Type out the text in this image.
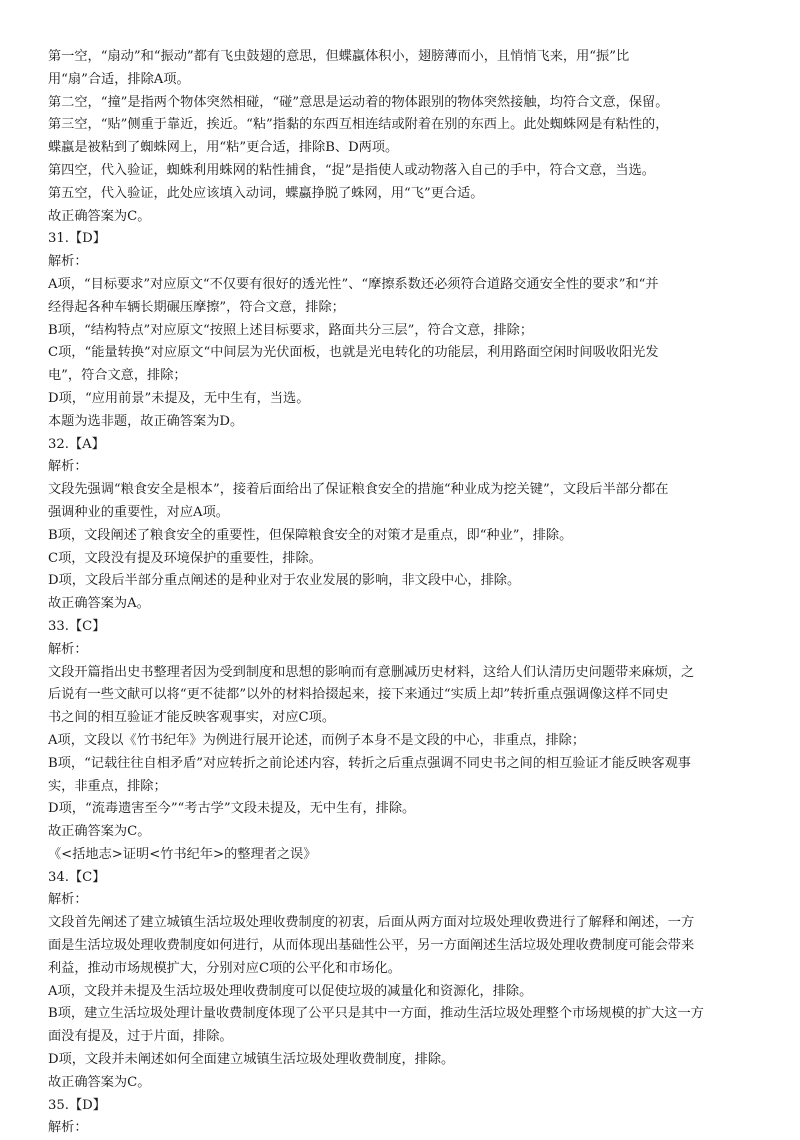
第一空，“扇动”和“振动”都有飞虫鼓翅的意思，但蝶蠃体积小，翅膀薄而小，且悄悄飞来，用“振”比

用“扇”合适，排除A项。

第二空，“撞”是指两个物体突然相碰，“碰”意思是运动着的物体跟别的物体突然接触，均符合文意，保留。

第三空，“贴”侧重于靠近，挨近。“粘”指黏的东西互相连结或附着在别的东西上。此处蜘蛛网是有粘性的，

蝶蠃是被粘到了蜘蛛网上，用“粘”更合适，排除B、D两项。

第四空，代入验证，蜘蛛利用蛛网的粘性捕食，“捉”是指使人或动物落入自己的手中，符合文意，当选。

第五空，代入验证，此处应该填入动词，蝶蠃挣脱了蛛网，用“飞”更合适。

故正确答案为C。

31.【D】

解析：

A项，“目标要求”对应原文“不仅要有很好的透光性”、“摩擦系数还必须符合道路交通安全性的要求”和“并

经得起各种车辆长期碾压摩擦”，符合文意，排除；

B项，“结构特点”对应原文“按照上述目标要求，路面共分三层”，符合文意，排除；

C项，“能量转换”对应原文“中间层为光伏面板，也就是光电转化的功能层，利用路面空闲时间吸收阳光发

电”，符合文意，排除；

D项，“应用前景”未提及，无中生有，当选。

本题为选非题，故正确答案为D。

32.【A】

解析：

文段先强调“粮食安全是根本”，接着后面给出了保证粮食安全的措施“种业成为挖关键”，文段后半部分都在

强调种业的重要性，对应A项。

B项，文段阐述了粮食安全的重要性，但保障粮食安全的对策才是重点，即“种业”，排除。

C项，文段没有提及环境保护的重要性，排除。

D项，文段后半部分重点阐述的是种业对于农业发展的影响，非文段中心，排除。

故正确答案为A。

33.【C】

解析：

文段开篇指出史书整理者因为受到制度和思想的影响而有意删减历史材料，这给人们认清历史问题带来麻烦，之

后说有一些文献可以将“更不徒都”以外的材料拾掇起来，接下来通过“实质上却”转折重点强调像这样不同史

书之间的相互验证才能反映客观事实，对应C项。

A项，文段以《竹书纪年》为例进行展开论述，而例子本身不是文段的中心，非重点，排除；

B项，“记载往往自相矛盾”对应转折之前论述内容，转折之后重点强调不同史书之间的相互验证才能反映客观事

实，非重点，排除；

D项，“流毒遗害至今”“考古学”文段未提及，无中生有，排除。

故正确答案为C。

《<括地志>证明<竹书纪年>的整理者之误》

34.【C】

解析：

文段首先阐述了建立城镇生活垃圾处理收费制度的初衷，后面从两方面对垃圾处理收费进行了解释和阐述，一方

面是生活垃圾处理收费制度如何进行，从而体现出基础性公平，另一方面阐述生活垃圾处理收费制度可能会带来

利益，推动市场规模扩大，分别对应C项的公平化和市场化。

A项，文段并未提及生活垃圾处理收费制度可以促使垃圾的减量化和资源化，排除。

B项，建立生活垃圾处理计量收费制度体现了公平只是其中一方面，推动生活垃圾处理整个市场规模的扩大这一方

面没有提及，过于片面，排除。

D项，文段并未阐述如何全面建立城镇生活垃圾处理收费制度，排除。

故正确答案为C。

35.【D】

解析：
